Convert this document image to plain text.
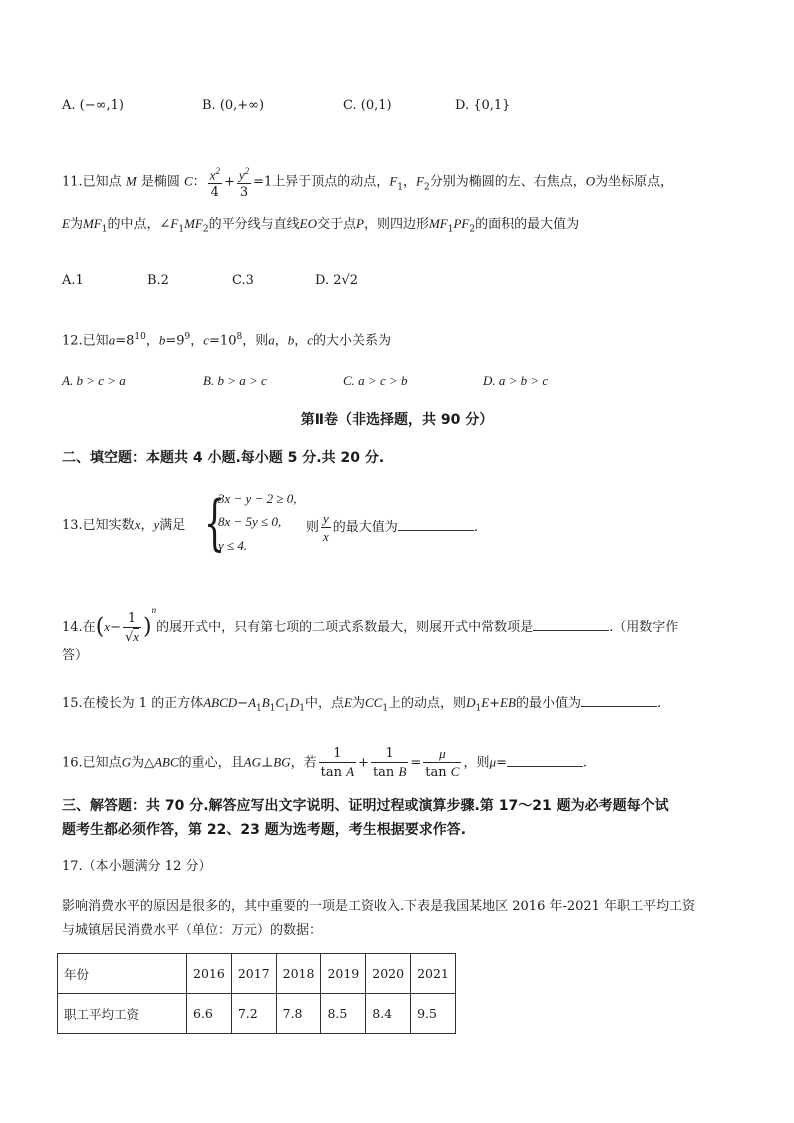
A. (−∞,1)	B. (0,+∞)	C. (0,1)	D. {0,1}
11.已知点 M 是椭圆 C： $\frac{x^2}{4} + \frac{y^2}{3} =1$上异于顶点的动点，$F_1$，$F_2$分别为椭圆的左、右焦点，O为坐标原点，
E为$MF_1$的中点，$\angle F_1MF_2$的平分线与直线EO交于点P，则四边形$MF_1PF_2$的面积的最大值为
A.1	B.2	C.3	D. 2√2
12.已知$a=8^{10}$，$b=9^9$，$c=10^8$，则a，b，c的大小关系为
A. b > c > a	B. b > a > c	C. a > c > b	D. a > b > c
第Ⅱ卷（非选择题，共 90 分）
二、填空题：本题共 4 小题.每小题 5 分.共 20 分.
13.已知实数x，y满足 {
3x − y − 2 ≥ 0,
8x − 5y ≤ 0,
y ≤ 4.
则 $\frac{y}{x}$ 的最大值为	.
14.在$(x- \frac{1}{√x} )^n$的展开式中，只有第七项的二项式系数最大，则展开式中常数项是	.（用数字作
答）
15.在棱长为 1 的正方体$ABCD-A_1B_1C_1D_1$中，点E为$CC_1$上的动点，则$D_1E+EB$的最小值为	.
16.已知点G为△ABC的重心，且AG⊥BG，若 $\frac{1}{\text{tan A}} + \frac{1}{\text{tan B}} = \frac{\mu}{\text{tan C}}$ ，则μ=	.
三、解答题：共 70 分.解答应写出文字说明、证明过程或演算步骤.第 17～21 题为必考题每个试
题考生都必须作答，第 22、23 题为选考题，考生根据要求作答.
17.（本小题满分 12 分）
影响消费水平的原因是很多的，其中重要的一项是工资收入.下表是我国某地区 2016 年-2021 年职工平均工资
与城镇居民消费水平（单位：万元）的数据：
年份	2016	2017	2018	2019	2020	2021
职工平均工资	6.6	7.2	7.8	8.5	8.4	9.5
